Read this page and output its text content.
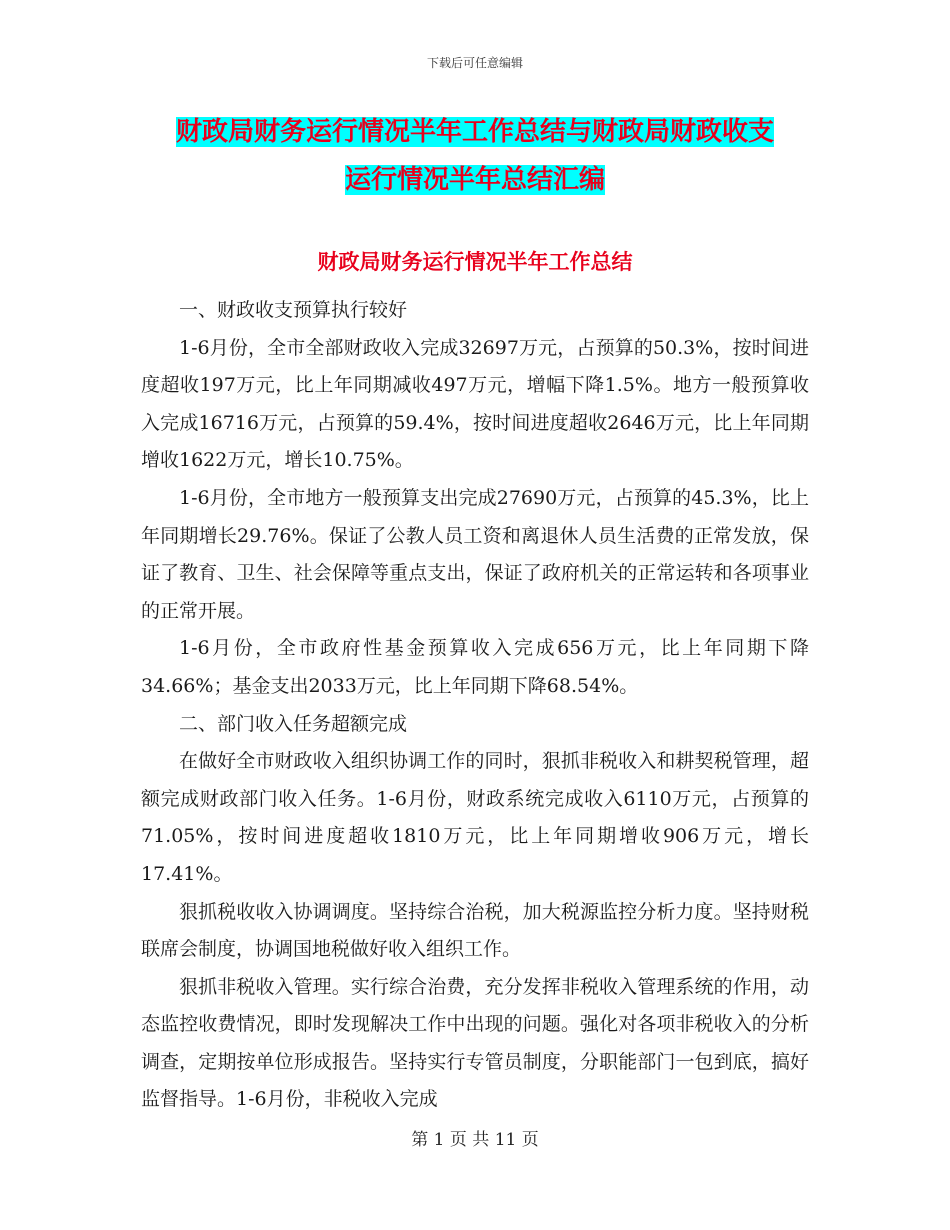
下载后可任意编辑
财政局财务运行情况半年工作总结与财政局财政收支
运行情况半年总结汇编
财政局财务运行情况半年工作总结

一、财政收支预算执行较好

1-6月份，全市全部财政收入完成32697万元，占预算的50.3%，按时间进度超收197万元，比上年同期减收497万元，增幅下降1.5%。地方一般预算收入完成16716万元，占预算的59.4%，按时间进度超收2646万元，比上年同期增收1622万元，增长10.75%。

1-6月份，全市地方一般预算支出完成27690万元，占预算的45.3%，比上年同期增长29.76%。保证了公教人员工资和离退休人员生活费的正常发放，保证了教育、卫生、社会保障等重点支出，保证了政府机关的正常运转和各项事业的正常开展。

1-6月份，全市政府性基金预算收入完成656万元，比上年同期下降34.66%；基金支出2033万元，比上年同期下降68.54%。

二、部门收入任务超额完成

在做好全市财政收入组织协调工作的同时，狠抓非税收入和耕契税管理，超额完成财政部门收入任务。1-6月份，财政系统完成收入6110万元，占预算的71.05%，按时间进度超收1810万元，比上年同期增收906万元，增长17.41%。

狠抓税收收入协调调度。坚持综合治税，加大税源监控分析力度。坚持财税联席会制度，协调国地税做好收入组织工作。

狠抓非税收入管理。实行综合治费，充分发挥非税收入管理系统的作用，动态监控收费情况，即时发现解决工作中出现的问题。强化对各项非税收入的分析调查，定期按单位形成报告。坚持实行专管员制度，分职能部门一包到底，搞好监督指导。1-6月份，非税收入完成

第 1 页 共 11 页
